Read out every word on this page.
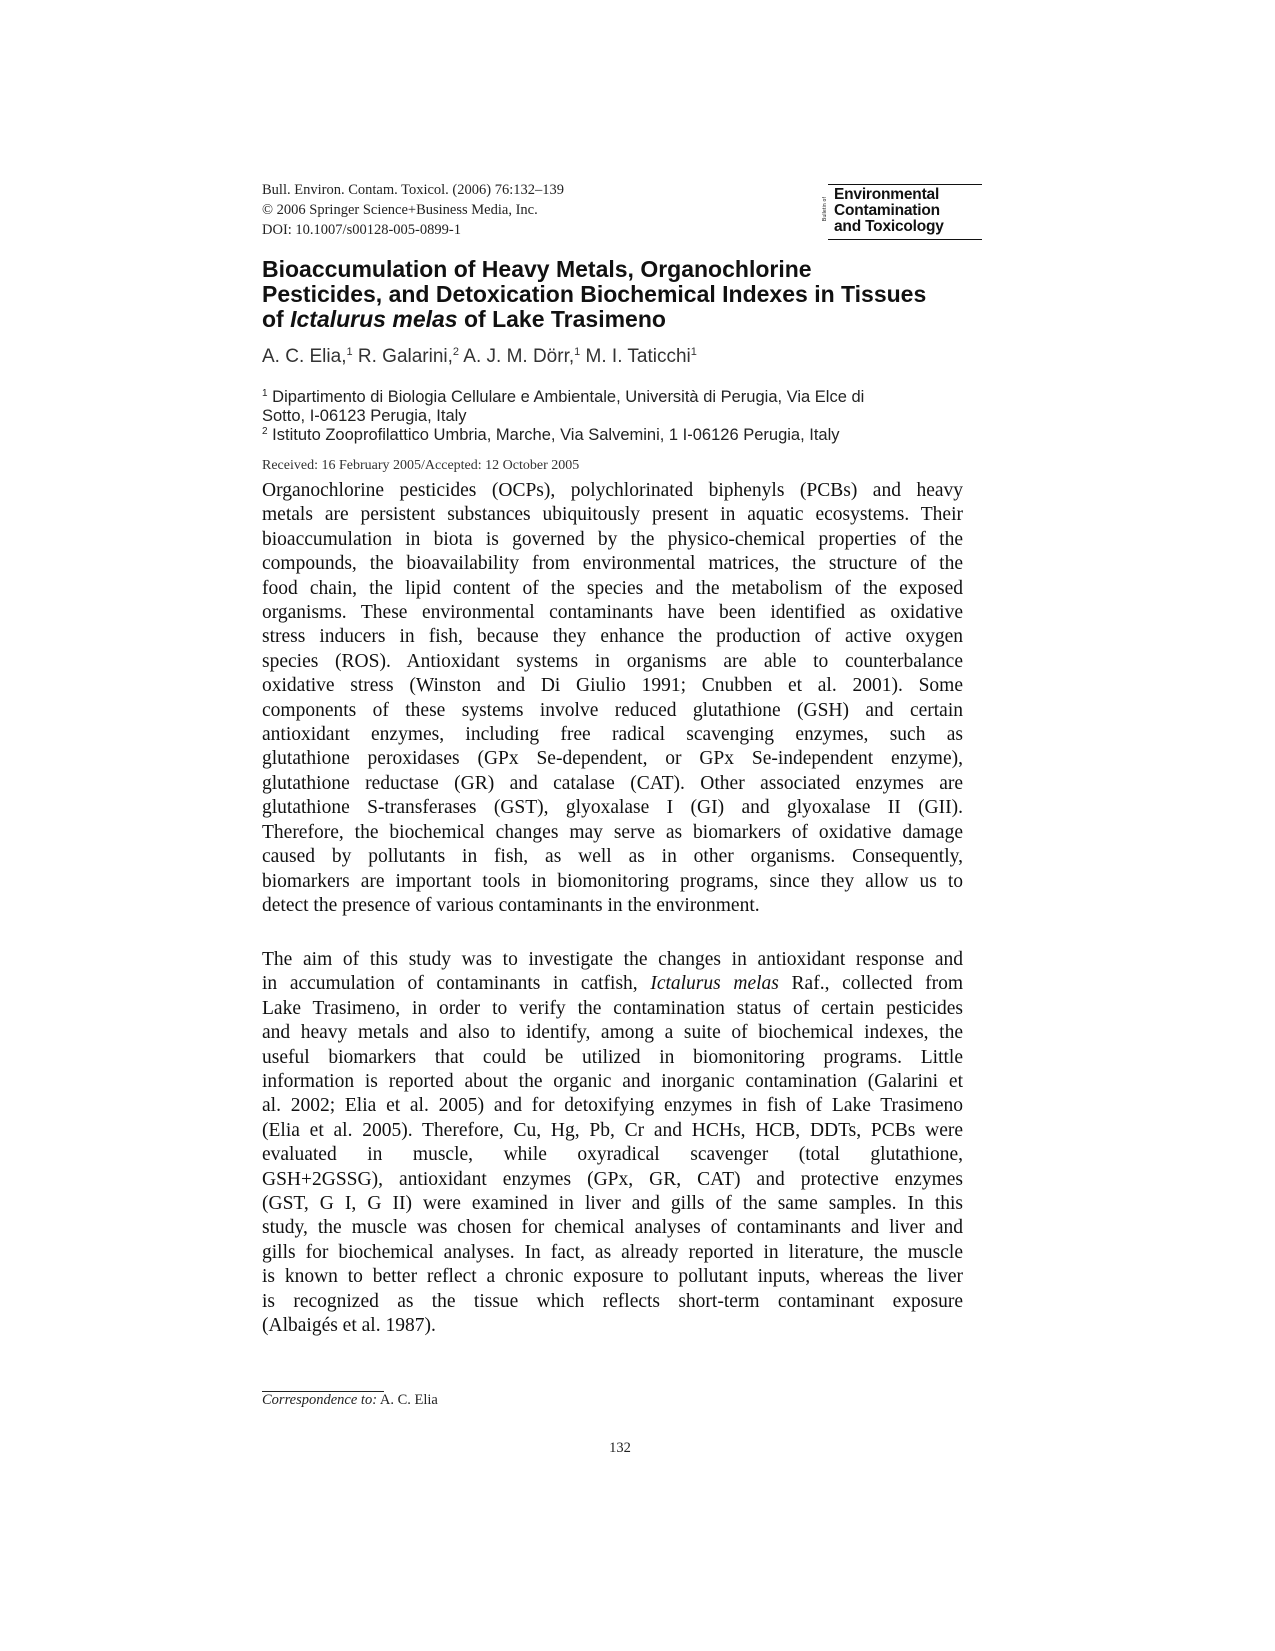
Bull. Environ. Contam. Toxicol. (2006) 76:132–139
© 2006 Springer Science+Business Media, Inc.
DOI: 10.1007/s00128-005-0899-1
Bulletin of
Environmental
Contamination
and Toxicology
Bioaccumulation of Heavy Metals, Organochlorine
Pesticides, and Detoxication Biochemical Indexes in Tissues
of Ictalurus melas of Lake Trasimeno
A. C. Elia,$^1$ R. Galarini,$^2$ A. J. M. Dörr,$^1$ M. I. Taticchi$^1$
$^1$ Dipartimento di Biologia Cellulare e Ambientale, Università di Perugia, Via Elce di
Sotto, I-06123 Perugia, Italy
$^2$ Istituto Zooprofilattico Umbria, Marche, Via Salvemini, 1 I-06126 Perugia, Italy
Received: 16 February 2005/Accepted: 12 October 2005
Organochlorine pesticides (OCPs), polychlorinated biphenyls (PCBs) and heavy
metals are persistent substances ubiquitously present in aquatic ecosystems. Their
bioaccumulation in biota is governed by the physico-chemical properties of the
compounds, the bioavailability from environmental matrices, the structure of the
food chain, the lipid content of the species and the metabolism of the exposed
organisms. These environmental contaminants have been identified as oxidative
stress inducers in fish, because they enhance the production of active oxygen
species (ROS). Antioxidant systems in organisms are able to counterbalance
oxidative stress (Winston and Di Giulio 1991; Cnubben et al. 2001). Some
components of these systems involve reduced glutathione (GSH) and certain
antioxidant enzymes, including free radical scavenging enzymes, such as
glutathione peroxidases (GPx Se-dependent, or GPx Se-independent enzyme),
glutathione reductase (GR) and catalase (CAT). Other associated enzymes are
glutathione S-transferases (GST), glyoxalase I (GI) and glyoxalase II (GII).
Therefore, the biochemical changes may serve as biomarkers of oxidative damage
caused by pollutants in fish, as well as in other organisms. Consequently,
biomarkers are important tools in biomonitoring programs, since they allow us to
detect the presence of various contaminants in the environment.
The aim of this study was to investigate the changes in antioxidant response and
in accumulation of contaminants in catfish, Ictalurus melas Raf., collected from
Lake Trasimeno, in order to verify the contamination status of certain pesticides
and heavy metals and also to identify, among a suite of biochemical indexes, the
useful biomarkers that could be utilized in biomonitoring programs. Little
information is reported about the organic and inorganic contamination (Galarini et
al. 2002; Elia et al. 2005) and for detoxifying enzymes in fish of Lake Trasimeno
(Elia et al. 2005). Therefore, Cu, Hg, Pb, Cr and HCHs, HCB, DDTs, PCBs were
evaluated in muscle, while oxyradical scavenger (total glutathione,
GSH+2GSSG), antioxidant enzymes (GPx, GR, CAT) and protective enzymes
(GST, G I, G II) were examined in liver and gills of the same samples. In this
study, the muscle was chosen for chemical analyses of contaminants and liver and
gills for biochemical analyses. In fact, as already reported in literature, the muscle
is known to better reflect a chronic exposure to pollutant inputs, whereas the liver
is recognized as the tissue which reflects short-term contaminant exposure
(Albaigés et al. 1987).
Correspondence to: A. C. Elia
132
